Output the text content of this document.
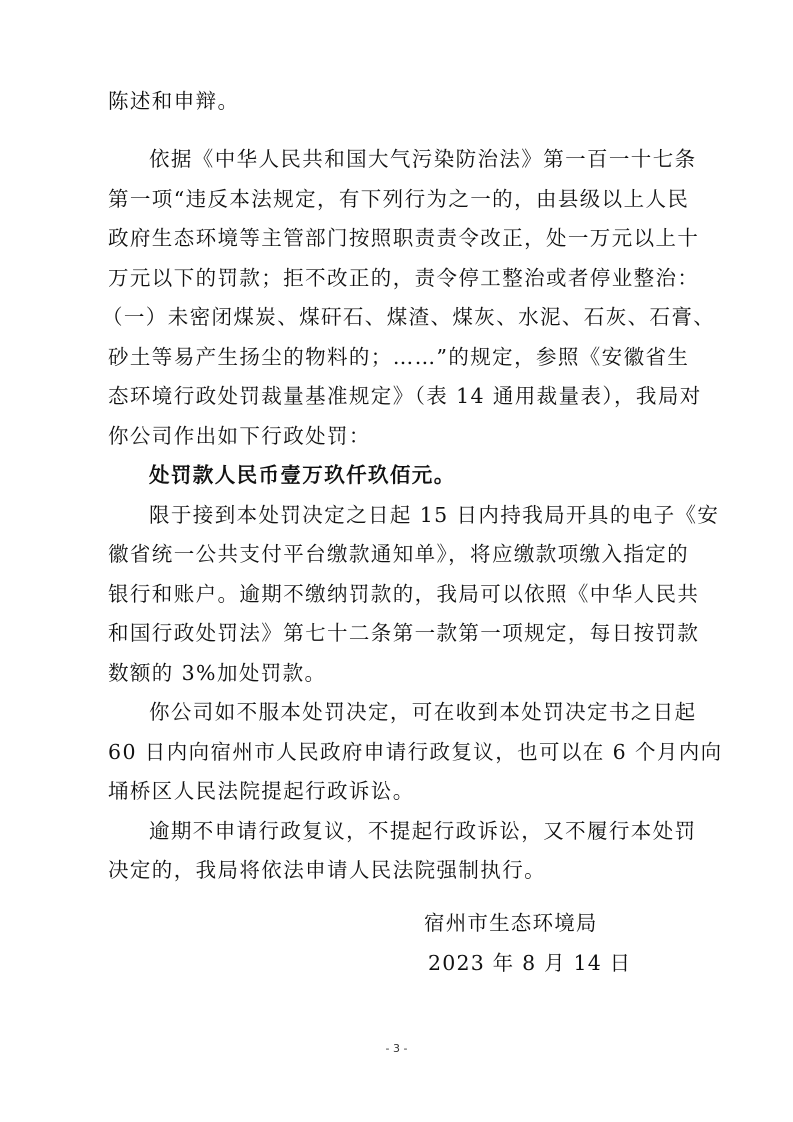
陈述和申辩。
依据《中华人民共和国大气污染防治法》第一百一十七条
第一项“违反本法规定，有下列行为之一的，由县级以上人民
政府生态环境等主管部门按照职责责令改正，处一万元以上十
万元以下的罚款；拒不改正的，责令停工整治或者停业整治：
（一）未密闭煤炭、煤矸石、煤渣、煤灰、水泥、石灰、石膏、
砂土等易产生扬尘的物料的；……”的规定，参照《安徽省生
态环境行政处罚裁量基准规定》（表 14 通用裁量表），我局对
你公司作出如下行政处罚：
处罚款人民币壹万玖仟玖佰元。
限于接到本处罚决定之日起 15 日内持我局开具的电子《安
徽省统一公共支付平台缴款通知单》，将应缴款项缴入指定的
银行和账户。逾期不缴纳罚款的，我局可以依照《中华人民共
和国行政处罚法》第七十二条第一款第一项规定，每日按罚款
数额的 3%加处罚款。
你公司如不服本处罚决定，可在收到本处罚决定书之日起
60 日内向宿州市人民政府申请行政复议，也可以在 6 个月内向
埇桥区人民法院提起行政诉讼。
逾期不申请行政复议，不提起行政诉讼，又不履行本处罚
决定的，我局将依法申请人民法院强制执行。
宿州市生态环境局
2023 年 8 月 14 日
- 3 -
